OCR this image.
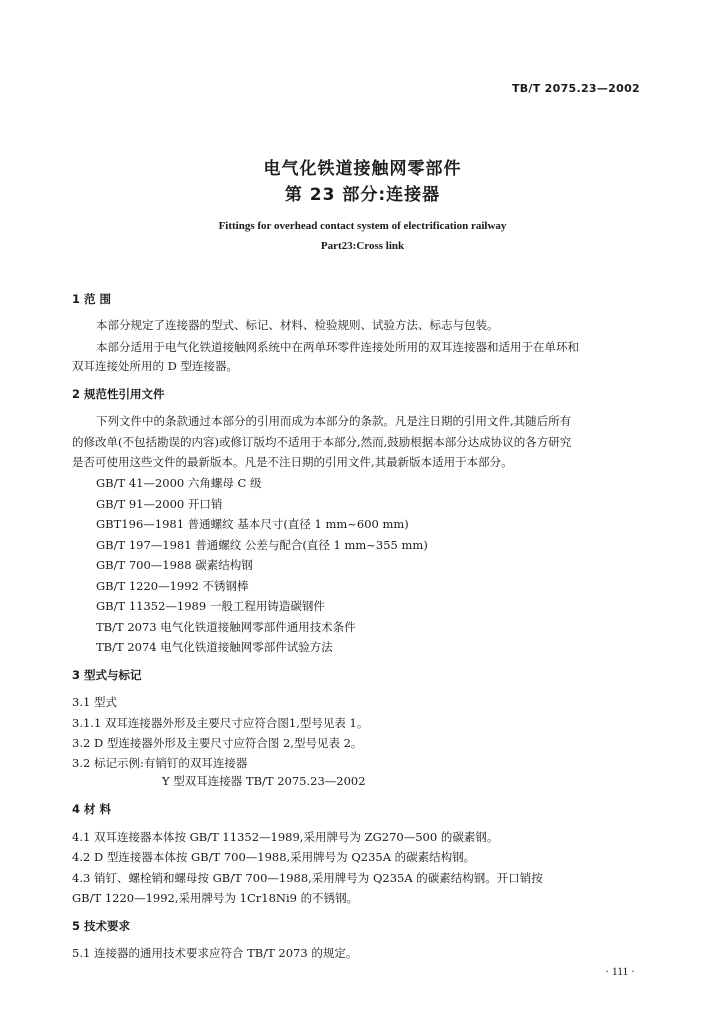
TB/T 2075.23—2002
电气化铁道接触网零部件
第 23 部分:连接器
Fittings for overhead contact system of electrification railway
Part23:Cross link
1 范 围
本部分规定了连接器的型式、标记、材料、检验规则、试验方法、标志与包装。
本部分适用于电气化铁道接触网系统中在两单环零件连接处所用的双耳连接器和适用于在单环和
双耳连接处所用的 D 型连接器。
2 规范性引用文件
下列文件中的条款通过本部分的引用而成为本部分的条款。凡是注日期的引用文件,其随后所有
的修改单(不包括勘误的内容)或修订版均不适用于本部分,然而,鼓励根据本部分达成协议的各方研究
是否可使用这些文件的最新版本。凡是不注日期的引用文件,其最新版本适用于本部分。
GB/T 41—2000 六角螺母 C 级
GB/T 91—2000 开口销
GBT196—1981 普通螺纹 基本尺寸(直径 1 mm~600 mm)
GB/T 197—1981 普通螺纹 公差与配合(直径 1 mm~355 mm)
GB/T 700—1988 碳素结构钢
GB/T 1220—1992 不锈钢棒
GB/T 11352—1989 一般工程用铸造碳钢件
TB/T 2073 电气化铁道接触网零部件通用技术条件
TB/T 2074 电气化铁道接触网零部件试验方法
3 型式与标记
3.1 型式
3.1.1 双耳连接器外形及主要尺寸应符合图1,型号见表 1。
3.2 D 型连接器外形及主要尺寸应符合图 2,型号见表 2。
3.2 标记示例:有销钉的双耳连接器
Y 型双耳连接器 TB/T 2075.23—2002
4 材 料
4.1 双耳连接器本体按 GB/T 11352—1989,采用牌号为 ZG270—500 的碳素钢。
4.2 D 型连接器本体按 GB/T 700—1988,采用牌号为 Q235A 的碳素结构钢。
4.3 销钉、螺栓销和螺母按 GB/T 700—1988,采用牌号为 Q235A 的碳素结构钢。开口销按
GB/T 1220—1992,采用牌号为 1Cr18Ni9 的不锈钢。
5 技术要求
5.1 连接器的通用技术要求应符合 TB/T 2073 的规定。
· 111 ·
